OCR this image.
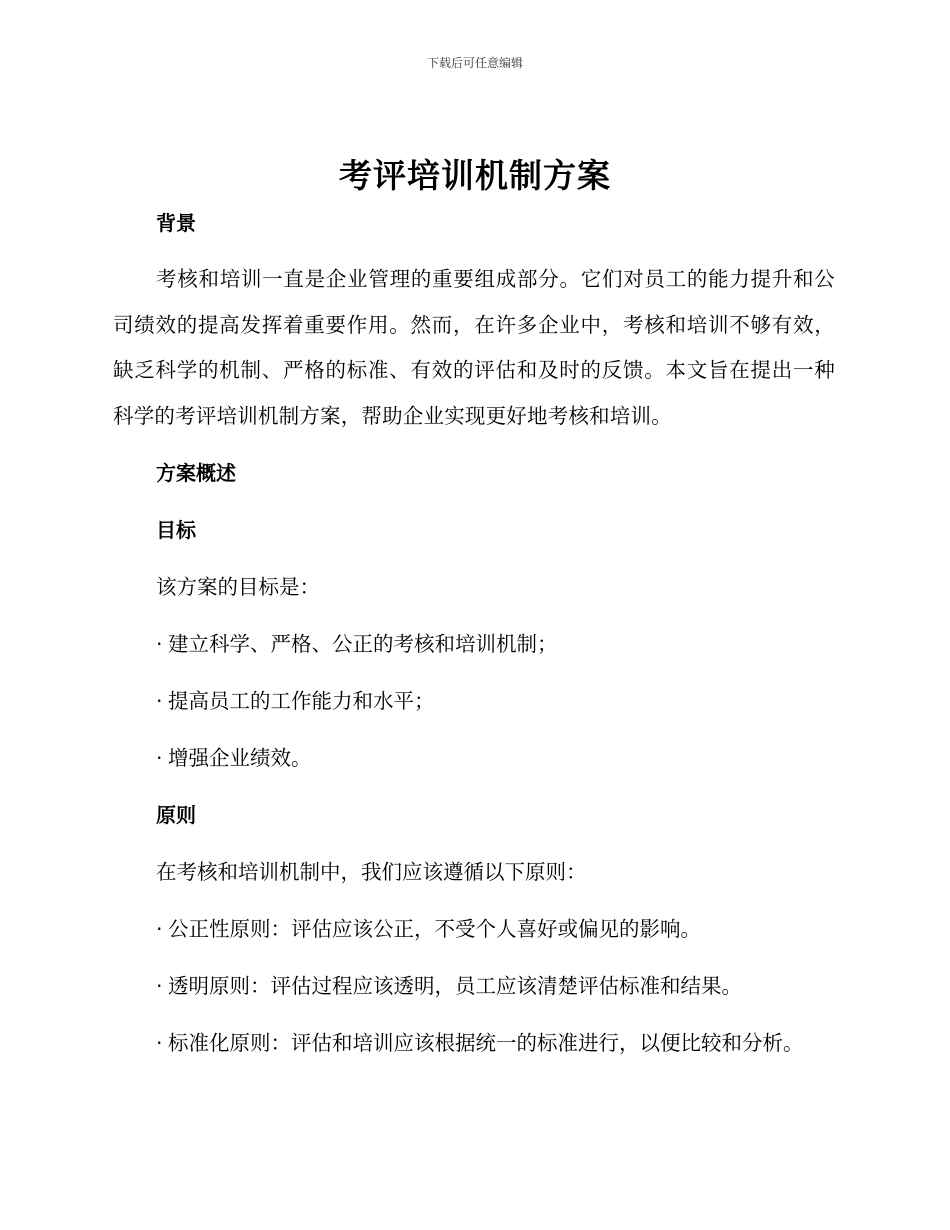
下载后可任意编辑
考评培训机制方案
背景

考核和培训一直是企业管理的重要组成部分。它们对员工的能力提升和公司绩效的提高发挥着重要作用。然而，在许多企业中，考核和培训不够有效，缺乏科学的机制、严格的标准、有效的评估和及时的反馈。本文旨在提出一种科学的考评培训机制方案，帮助企业实现更好地考核和培训。

方案概述
目标

该方案的目标是：

· 建立科学、严格、公正的考核和培训机制；

· 提高员工的工作能力和水平；

· 增强企业绩效。

原则

在考核和培训机制中，我们应该遵循以下原则：

· 公正性原则：评估应该公正，不受个人喜好或偏见的影响。

· 透明原则：评估过程应该透明，员工应该清楚评估标准和结果。

· 标准化原则：评估和培训应该根据统一的标准进行，以便比较和分析。
